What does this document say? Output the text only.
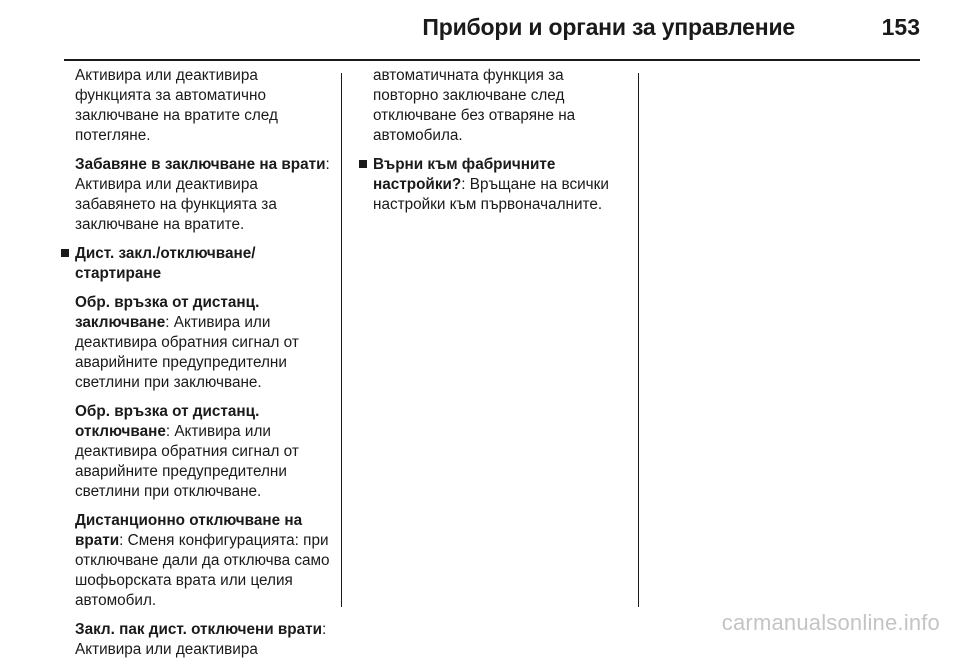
Прибори и органи за управление	153

Активира или деактивира функцията за автоматично заключване на вратите след потегляне.

Забавяне в заключване на врати: Активира или деактивира забавянето на функцията за заключване на вратите.

Дист. закл./отключване/ стартиране

Обр. връзка от дистанц. заключване: Активира или деактивира обратния сигнал от аварийните предупредителни светлини при заключване.

Обр. връзка от дистанц. отключване: Активира или деактивира обратния сигнал от аварийните предупредителни светлини при отключване.

Дистанционно отключване на врати: Сменя конфигурацията: при отключване дали да отключва само шофьорската врата или целия автомобил.

Закл. пак дист. отключени врати: Активира или деактивира

автоматичната функция за повторно заключване след отключване без отваряне на автомобила.

Върни към фабричните настройки?: Връщане на всички настройки към първоначалните.

carmanualsonline.info
